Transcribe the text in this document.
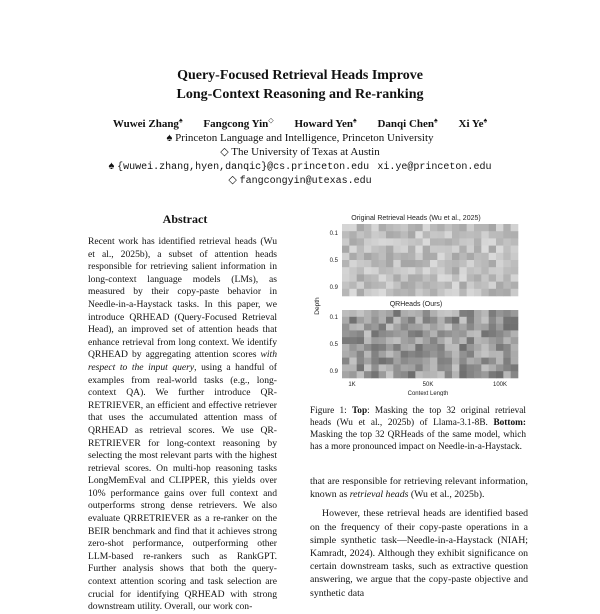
Query-Focused Retrieval Heads Improve
Long-Context Reasoning and Re-ranking
Wuwei Zhang♠ Fangcong Yin◇ Howard Yen♠ Danqi Chen♠ Xi Ye♠
♠ Princeton Language and Intelligence, Princeton University
◇ The University of Texas at Austin
♠ {wuwei.zhang,hyen,danqic}@cs.princeton.edu xi.ye@princeton.edu
◇ fangcongyin@utexas.edu
Abstract
Recent work has identified retrieval heads (Wu et al., 2025b), a subset of attention heads responsible for retrieving salient information in long-context language models (LMs), as measured by their copy-paste behavior in Needle-in-a-Haystack tasks. In this paper, we introduce QRHEAD (Query-Focused Retrieval Head), an improved set of attention heads that enhance retrieval from long context. We identify QRHEAD by aggregating attention scores with respect to the input query, using a handful of examples from real-world tasks (e.g., long-context QA). We further introduce QR-RETRIEVER, an efficient and effective retriever that uses the accumulated attention mass of QRHEAD as retrieval scores. We use QR-RETRIEVER for long-context reasoning by selecting the most relevant parts with the highest retrieval scores. On multi-hop reasoning tasks LongMemEval and CLIPPER, this yields over 10% performance gains over full context and outperforms strong dense retrievers. We also evaluate QRRETRIEVER as a re-ranker on the BEIR benchmark and find that it achieves strong zero-shot performance, outperforming other LLM-based re-rankers such as RankGPT. Further analysis shows that both the query-context attention scoring and task selection are crucial for identifying QRHEAD with strong downstream utility. Overall, our work con-
Original Retrieval Heads (Wu et al., 2025)
QRHeads (Ours)
Depth
0.1
0.5
0.9
0.1
0.5
0.9
1K	50K	100K
Context Length
Figure 1: Top: Masking the top 32 original retrieval heads (Wu et al., 2025b) of Llama-3.1-8B. Bottom: Masking the top 32 QRHeads of the same model, which has a more pronounced impact on Needle-in-a-Haystack.

that are responsible for retrieving relevant information, known as retrieval heads (Wu et al., 2025b).

However, these retrieval heads are identified based on the frequency of their copy-paste operations in a simple synthetic task—Needle-in-a-Haystack (NIAH; Kamradt, 2024). Although they exhibit significance on certain downstream tasks, such as extractive question answering, we argue that the copy-paste objective and synthetic data
